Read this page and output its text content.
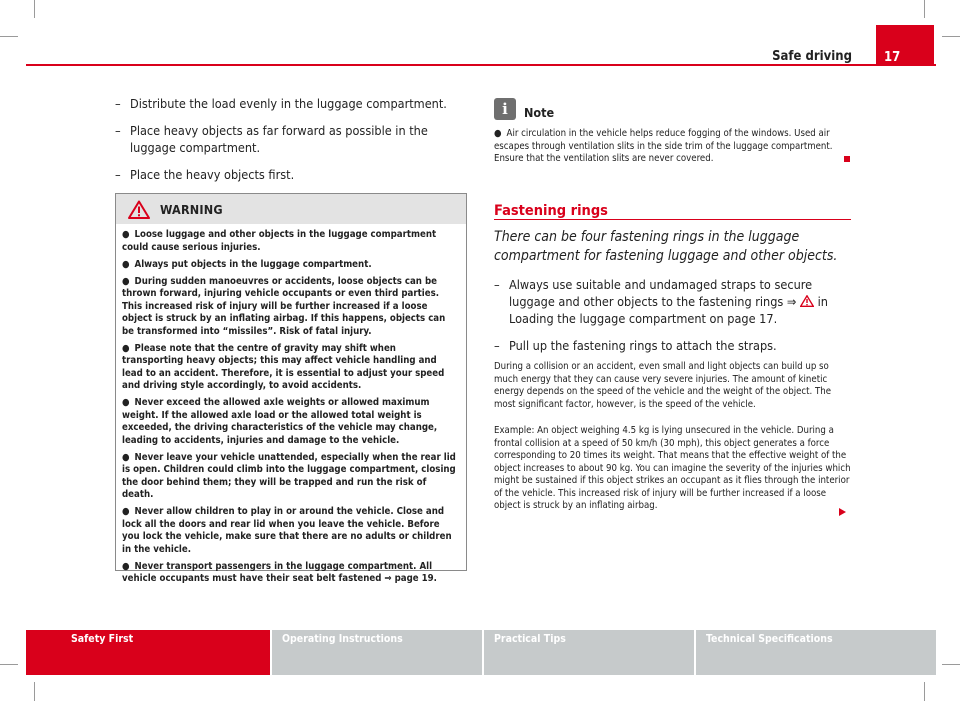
Safe driving 17
– Distribute the load evenly in the luggage compartment.
– Place heavy objects as far forward as possible in the luggage compartment.
– Place the heavy objects first.
WARNING

● Loose luggage and other objects in the luggage compartment could cause serious injuries.

● Always put objects in the luggage compartment.

● During sudden manoeuvres or accidents, loose objects can be thrown forward, injuring vehicle occupants or even third parties. This increased risk of injury will be further increased if a loose object is struck by an inflating airbag. If this happens, objects can be transformed into “missiles”. Risk of fatal injury.

● Please note that the centre of gravity may shift when transporting heavy objects; this may affect vehicle handling and lead to an accident. Therefore, it is essential to adjust your speed and driving style accordingly, to avoid accidents.

● Never exceed the allowed axle weights or allowed maximum weight. If the allowed axle load or the allowed total weight is exceeded, the driving characteristics of the vehicle may change, leading to accidents, injuries and damage to the vehicle.

● Never leave your vehicle unattended, especially when the rear lid is open. Children could climb into the luggage compartment, closing the door behind them; they will be trapped and run the risk of death.

● Never allow children to play in or around the vehicle. Close and lock all the doors and rear lid when you leave the vehicle. Before you lock the vehicle, make sure that there are no adults or children in the vehicle.

● Never transport passengers in the luggage compartment. All vehicle occupants must have their seat belt fastened ⇒ page 19.

i	Note

● Air circulation in the vehicle helps reduce fogging of the windows. Used air escapes through ventilation slits in the side trim of the luggage compartment. Ensure that the ventilation slits are never covered.

Fastening rings

There can be four fastening rings in the luggage compartment for fastening luggage and other objects.

– Always use suitable and undamaged straps to secure luggage and other objects to the fastening rings ⇒ in Loading the luggage compartment on page 17.
– Pull up the fastening rings to attach the straps.

During a collision or an accident, even small and light objects can build up so much energy that they can cause very severe injuries. The amount of kinetic energy depends on the speed of the vehicle and the weight of the object. The most significant factor, however, is the speed of the vehicle.

Example: An object weighing 4.5 kg is lying unsecured in the vehicle. During a frontal collision at a speed of 50 km/h (30 mph), this object generates a force corresponding to 20 times its weight. That means that the effective weight of the object increases to about 90 kg. You can imagine the severity of the injuries which might be sustained if this object strikes an occupant as it flies through the interior of the vehicle. This increased risk of injury will be further increased if a loose object is struck by an inflating airbag.

Safety First	Operating Instructions	Practical Tips	Technical Specifications
